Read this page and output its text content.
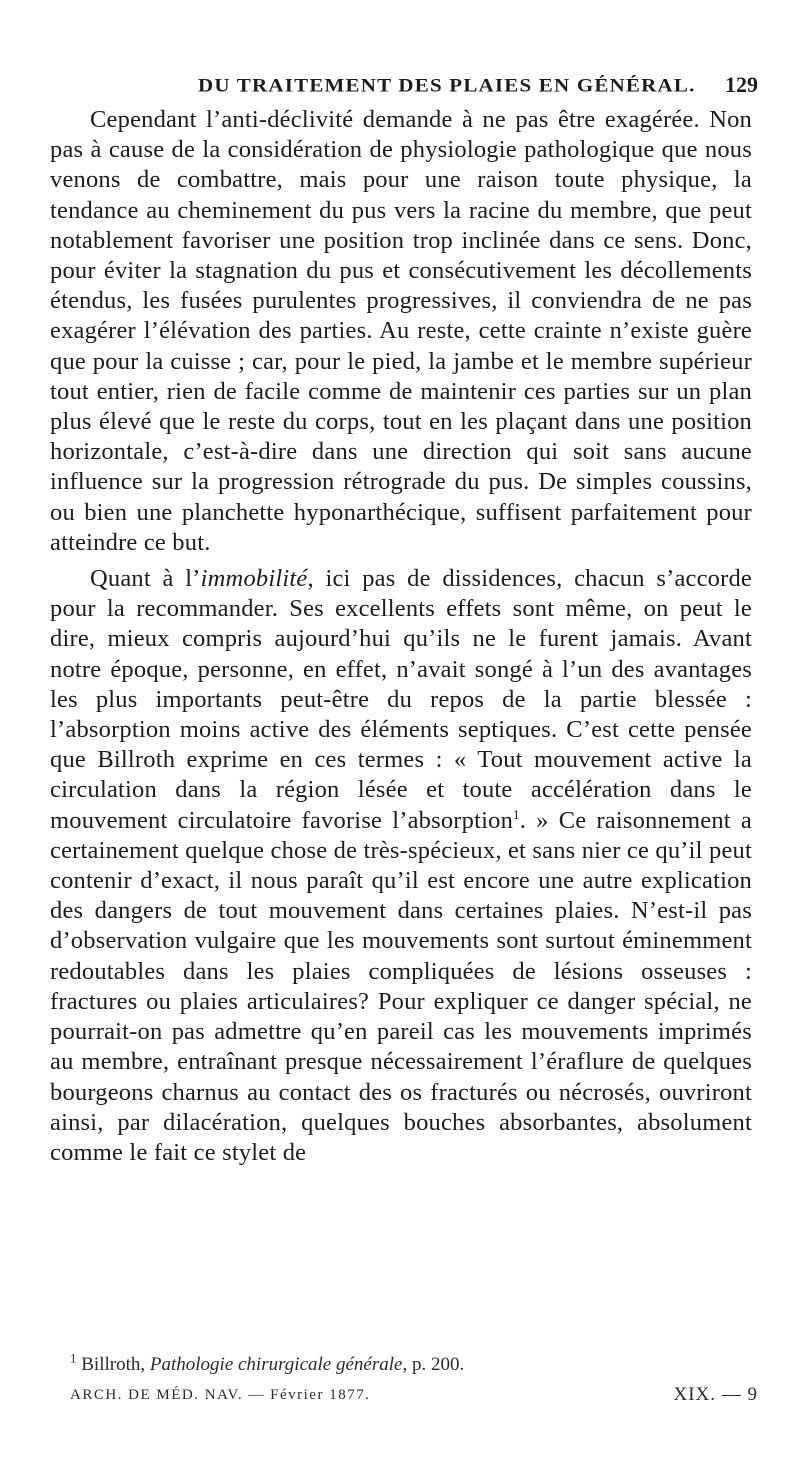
DU TRAITEMENT DES PLAIES EN GÉNÉRAL. 129

Cependant l’anti-déclivité demande à ne pas être exagérée. Non pas à cause de la considération de physiologie pathologique que nous venons de combattre, mais pour une raison toute physique, la tendance au cheminement du pus vers la racine du membre, que peut notablement favoriser une position trop inclinée dans ce sens. Donc, pour éviter la stagnation du pus et consécutivement les décollements étendus, les fusées purulentes progressives, il conviendra de ne pas exagérer l’élévation des parties. Au reste, cette crainte n’existe guère que pour la cuisse ; car, pour le pied, la jambe et le membre supérieur tout entier, rien de facile comme de maintenir ces parties sur un plan plus élevé que le reste du corps, tout en les plaçant dans une position horizontale, c’est-à-dire dans une direction qui soit sans aucune influence sur la progression rétrograde du pus. De simples coussins, ou bien une planchette hyponarthécique, suffisent parfaitement pour atteindre ce but.

Quant à l’immobilité, ici pas de dissidences, chacun s’accorde pour la recommander. Ses excellents effets sont même, on peut le dire, mieux compris aujourd’hui qu’ils ne le furent jamais. Avant notre époque, personne, en effet, n’avait songé à l’un des avantages les plus importants peut-être du repos de la partie blessée : l’absorption moins active des éléments septiques. C’est cette pensée que Billroth exprime en ces termes : « Tout mouvement active la circulation dans la région lésée et toute accélération dans le mouvement circulatoire favorise l’absorption$^1$. » Ce raisonnement a certainement quelque chose de très-spécieux, et sans nier ce qu’il peut contenir d’exact, il nous paraît qu’il est encore une autre explication des dangers de tout mouvement dans certaines plaies. N’est-il pas d’observation vulgaire que les mouvements sont surtout éminemment redoutables dans les plaies compliquées de lésions osseuses : fractures ou plaies articulaires? Pour expliquer ce danger spécial, ne pourrait-on pas admettre qu’en pareil cas les mouvements imprimés au membre, entraînant presque nécessairement l’éraflure de quelques bourgeons charnus au contact des os fracturés ou nécrosés, ouvriront ainsi, par dilacération, quelques bouches absorbantes, absolument comme le fait ce stylet de

$^1$ Billroth, Pathologie chirurgicale générale, p. 200.
ARCH. DE MÉD. NAV. — Février 1877.	XIX. — 9
